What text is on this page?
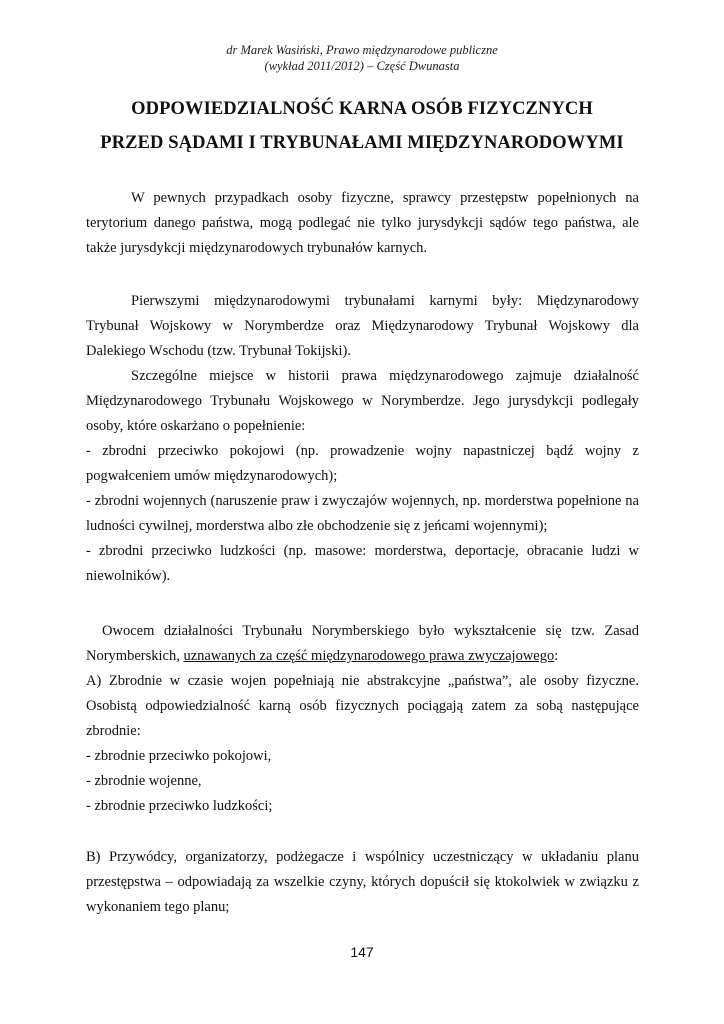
dr Marek Wasiński, Prawo międzynarodowe publiczne
(wykład 2011/2012) – Część Dwunasta
ODPOWIEDZIALNOŚĆ KARNA OSÓB FIZYCZNYCH
PRZED SĄDAMI I TRYBUNAŁAMI MIĘDZYNARODOWYMI

W pewnych przypadkach osoby fizyczne, sprawcy przestępstw popełnionych na terytorium danego państwa, mogą podlegać nie tylko jurysdykcji sądów tego państwa, ale także jurysdykcji międzynarodowych trybunałów karnych.

Pierwszymi międzynarodowymi trybunałami karnymi były: Międzynarodowy Trybunał Wojskowy w Norymberdze oraz Międzynarodowy Trybunał Wojskowy dla Dalekiego Wschodu (tzw. Trybunał Tokijski).

Szczególne miejsce w historii prawa międzynarodowego zajmuje działalność Międzynarodowego Trybunału Wojskowego w Norymberdze. Jego jurysdykcji podlegały osoby, które oskarżano o popełnienie:

- zbrodni przeciwko pokojowi (np. prowadzenie wojny napastniczej bądź wojny z pogwałceniem umów międzynarodowych);

- zbrodni wojennych (naruszenie praw i zwyczajów wojennych, np. morderstwa popełnione na ludności cywilnej, morderstwa albo złe obchodzenie się z jeńcami wojennymi);

- zbrodni przeciwko ludzkości (np. masowe: morderstwa, deportacje, obracanie ludzi w niewolników).

Owocem działalności Trybunału Norymberskiego było wykształcenie się tzw. Zasad Norymberskich, uznawanych za część międzynarodowego prawa zwyczajowego:

A) Zbrodnie w czasie wojen popełniają nie abstrakcyjne „państwa”, ale osoby fizyczne. Osobistą odpowiedzialność karną osób fizycznych pociągają zatem za sobą następujące zbrodnie:

- zbrodnie przeciwko pokojowi,

- zbrodnie wojenne,

- zbrodnie przeciwko ludzkości;

B) Przywódcy, organizatorzy, podżegacze i wspólnicy uczestniczący w układaniu planu przestępstwa – odpowiadają za wszelkie czyny, których dopuścił się ktokolwiek w związku z wykonaniem tego planu;

147
